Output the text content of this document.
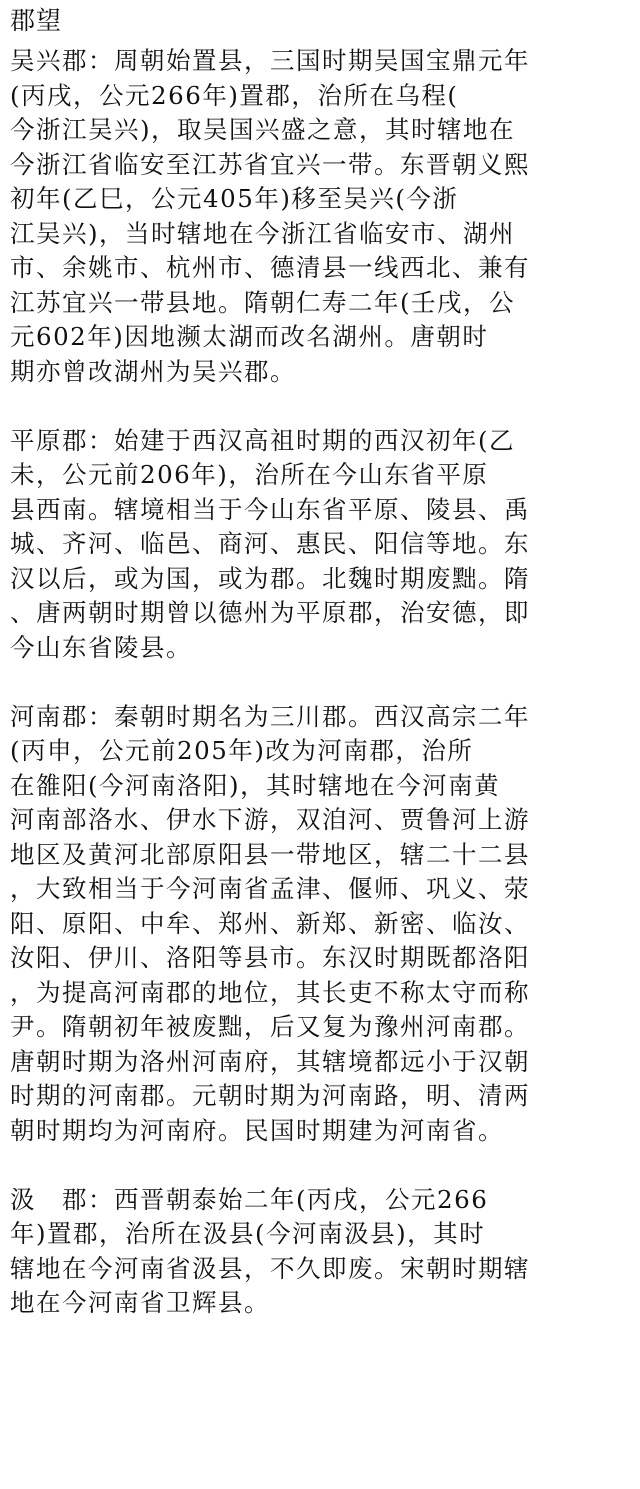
郡望
吴兴郡：周朝始置县，三国时期吴国宝鼎元年
(丙戌，公元266年)置郡，治所在乌程(
今浙江吴兴)，取吴国兴盛之意，其时辖地在
今浙江省临安至江苏省宜兴一带。东晋朝义熙
初年(乙巳，公元405年)移至吴兴(今浙
江吴兴)，当时辖地在今浙江省临安市、湖州
市、余姚市、杭州市、德清县一线西北、兼有
江苏宜兴一带县地。隋朝仁寿二年(壬戌，公
元602年)因地濒太湖而改名湖州。唐朝时
期亦曾改湖州为吴兴郡。
平原郡：始建于西汉高祖时期的西汉初年(乙
未，公元前206年)，治所在今山东省平原
县西南。辖境相当于今山东省平原、陵县、禹
城、齐河、临邑、商河、惠民、阳信等地。东
汉以后，或为国，或为郡。北魏时期废黜。隋
、唐两朝时期曾以德州为平原郡，治安德，即
今山东省陵县。
河南郡：秦朝时期名为三川郡。西汉高宗二年
(丙申，公元前205年)改为河南郡，治所
在雒阳(今河南洛阳)，其时辖地在今河南黄
河南部洛水、伊水下游，双洎河、贾鲁河上游
地区及黄河北部原阳县一带地区，辖二十二县
，大致相当于今河南省孟津、偃师、巩义、荥
阳、原阳、中牟、郑州、新郑、新密、临汝、
汝阳、伊川、洛阳等县市。东汉时期既都洛阳
，为提高河南郡的地位，其长吏不称太守而称
尹。隋朝初年被废黜，后又复为豫州河南郡。
唐朝时期为洛州河南府，其辖境都远小于汉朝
时期的河南郡。元朝时期为河南路，明、清两
朝时期均为河南府。民国时期建为河南省。
汲　郡：西晋朝泰始二年(丙戌，公元266
年)置郡，治所在汲县(今河南汲县)，其时
辖地在今河南省汲县，不久即废。宋朝时期辖
地在今河南省卫辉县。
